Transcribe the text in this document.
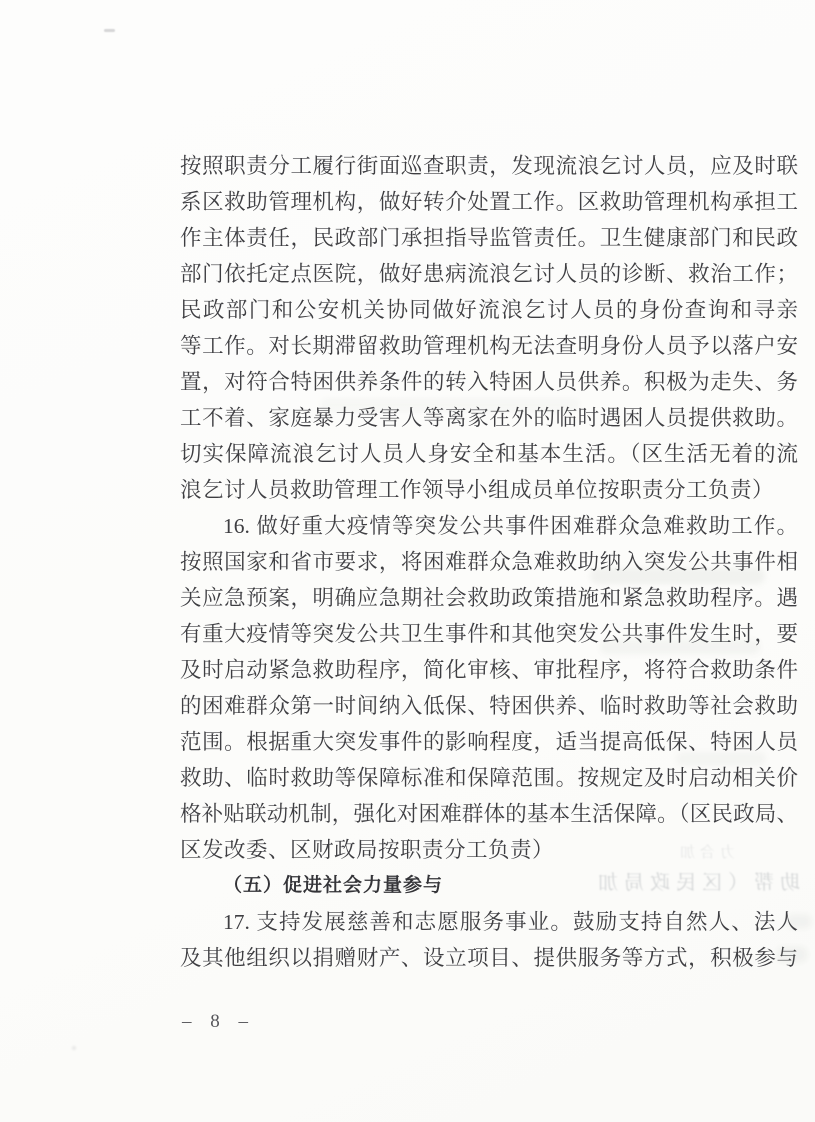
按照职责分工履行街面巡查职责，发现流浪乞讨人员，应及时联
系区救助管理机构，做好转介处置工作。区救助管理机构承担工
作主体责任，民政部门承担指导监管责任。卫生健康部门和民政
部门依托定点医院，做好患病流浪乞讨人员的诊断、救治工作；
民政部门和公安机关协同做好流浪乞讨人员的身份查询和寻亲
等工作。对长期滞留救助管理机构无法查明身份人员予以落户安
置，对符合特困供养条件的转入特困人员供养。积极为走失、务
工不着、家庭暴力受害人等离家在外的临时遇困人员提供救助。
切实保障流浪乞讨人员人身安全和基本生活。（区生活无着的流
浪乞讨人员救助管理工作领导小组成员单位按职责分工负责）
16. 做好重大疫情等突发公共事件困难群众急难救助工作。
按照国家和省市要求，将困难群众急难救助纳入突发公共事件相
关应急预案，明确应急期社会救助政策措施和紧急救助程序。遇
有重大疫情等突发公共卫生事件和其他突发公共事件发生时，要
及时启动紧急救助程序，简化审核、审批程序，将符合救助条件
的困难群众第一时间纳入低保、特困供养、临时救助等社会救助
范围。根据重大突发事件的影响程度，适当提高低保、特困人员
救助、临时救助等保障标准和保障范围。按规定及时启动相关价
格补贴联动机制，强化对困难群体的基本生活保障。（区民政局、
区发改委、区财政局按职责分工负责）
（五）促进社会力量参与
17. 支持发展慈善和志愿服务事业。鼓励支持自然人、法人
及其他组织以捐赠财产、设立项目、提供服务等方式，积极参与
– 8 –
助帮（区民政局加
力合加
